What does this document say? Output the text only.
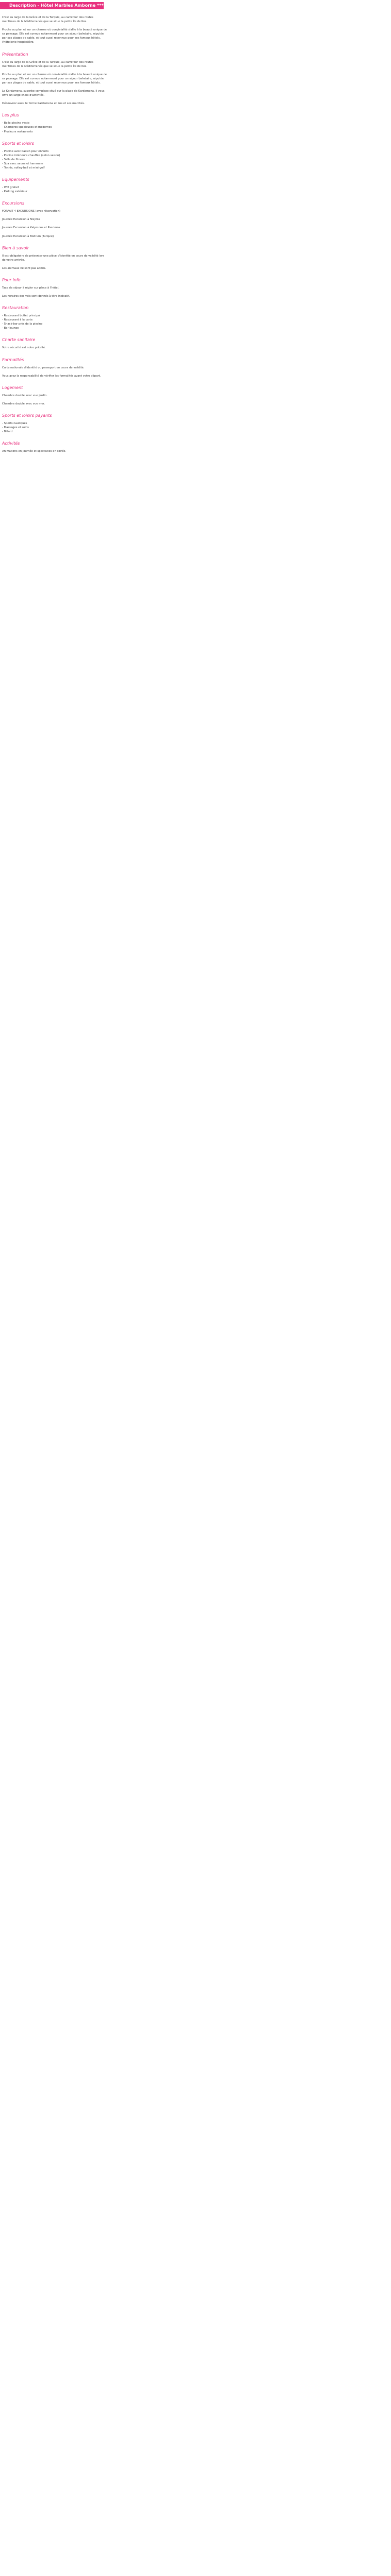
Description - Hôtel Marbles Amborne ****

C'est au large de la Grèce et de la Turquie, au carrefour des routes maritimes de la Méditerranée que se situe la petite île de Kos.

Proche au plan et sur un charme où convivialité s'allie à la beauté unique de sa paysage. Elle est connue notamment pour un séjour balnéaire, réputée par ses plages de sable, et tout aussi reconnue pour ses fameux hôtels, l'hôtellerie hospitalière.

Présentation

C'est au large de la Grèce et de la Turquie, au carrefour des routes maritimes de la Méditerranée que se situe la petite île de Kos.

Proche au plan et sur un charme où convivialité s'allie à la beauté unique de sa paysage. Elle est connue notamment pour un séjour balnéaire, réputée par ses plages de sable, et tout aussi reconnue pour ses fameux hôtels.

Le Kardamena, superbe complexe situé sur la plage de Kardamena, il vous offre un large choix d'activités.

Découvrez aussi le ferme Kardamena et Kos et ses marchés.

Les plus
- Belle piscine vaste
- Chambres spacieuses et modernes
- Plusieurs restaurants
Sports et loisirs
- Piscine avec bassin pour enfants
- Piscine intérieure chauffée (selon saison)
- Salle de fitness
- Spa avec sauna et hammam
- Tennis, volley-ball et mini-golf
Equipements
- Wifi gratuit
- Parking extérieur
Excursions

FORFAIT 4 EXCURSIONS (avec réservation)

Journée Excursion à Nisyros

Journée Excursion à Kalymnos et Pserimos

Journée Excursion à Bodrum (Turquie)

Bien à savoir

Il est obligatoire de présenter une pièce d'identité en cours de validité lors de votre arrivée.

Les animaux ne sont pas admis.

Pour info

Taxe de séjour à régler sur place à l'hôtel.

Les horaires des vols sont donnés à titre indicatif.

Restauration
- Restaurant buffet principal
- Restaurant à la carte
- Snack-bar près de la piscine
- Bar lounge
Charte sanitaire

Votre sécurité est notre priorité.

Formalités

Carte nationale d'identité ou passeport en cours de validité.

Vous avez la responsabilité de vérifier les formalités avant votre départ.

Logement

Chambre double avec vue jardin.

Chambre double avec vue mer.

Sports et loisirs payants
- Sports nautiques
- Massages et soins
- Billard
Activités

Animations en journée et spectacles en soirée.
